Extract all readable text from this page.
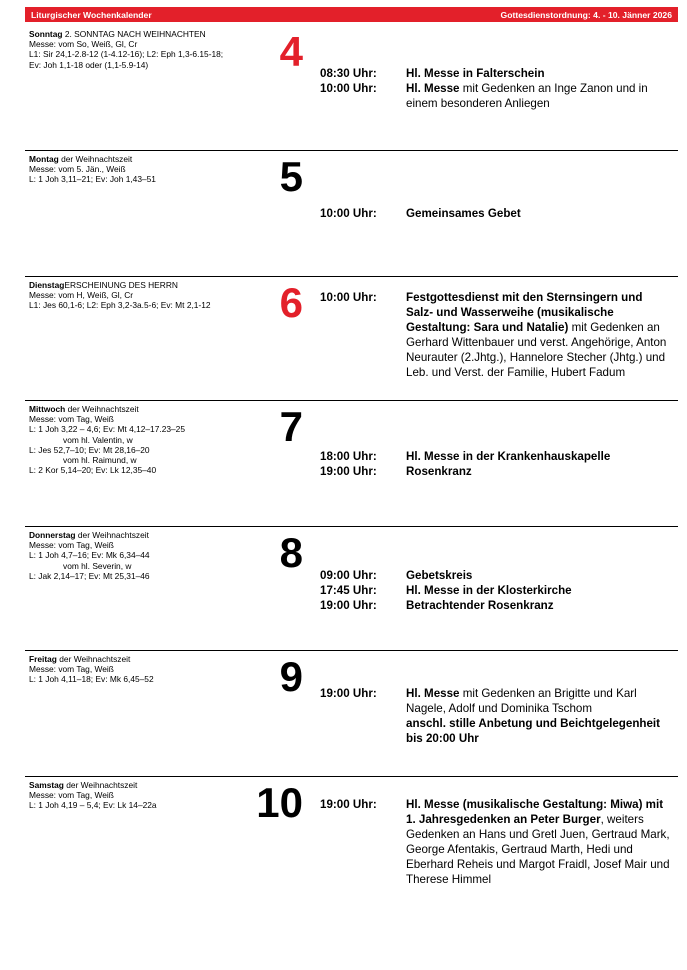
Liturgischer Wochenkalender	Gottesdienstordnung: 4. - 10. Jänner 2026
Sonntag 2. SONNTAG NACH WEIHNACHTEN
Messe: vom So, Weiß, Gl, Cr
L1: Sir 24,1-2.8-12 (1-4.12-16); L2: Eph 1,3-6.15-18;
Ev: Joh 1,1-18 oder (1,1-5.9-14)	4 08:30 Uhr:	Hl. Messe in Falterschein
10:00 Uhr:	Hl. Messe mit Gedenken an Inge Zanon und in einem besonderen Anliegen
Montag der Weihnachtszeit
Messe: vom 5. Jän., Weiß
L: 1 Joh 3,11–21; Ev: Joh 1,43–51	5
10:00 Uhr:	Gemeinsames Gebet
DienstagERSCHEINUNG DES HERRN
Messe: vom H, Weiß, Gl, Cr
L1: Jes 60,1-6; L2: Eph 3,2-3a.5-6; Ev: Mt 2,1-12	6 10:00 Uhr:	Festgottesdienst mit den Sternsingern und Salz- und Wasserweihe (musikalische Gestaltung: Sara und Natalie) mit Gedenken an Gerhard Wittenbauer und verst. Angehörige, Anton Neurauter (2.Jhtg.), Hannelore Stecher (Jhtg.) und Leb. und Verst. der Familie, Hubert Fadum
Mittwoch der Weihnachtszeit
Messe: vom Tag, Weiß
L: 1 Joh 3,22 – 4,6; Ev: Mt 4,12–17.23–25
vom hl. Valentin, w
L: Jes 52,7–10; Ev: Mt 28,16–20
vom hl. Raimund, w
L: 2 Kor 5,14–20; Ev: Lk 12,35–40
7
18:00 Uhr:	Hl. Messe in der Krankenhauskapelle
19:00 Uhr:	Rosenkranz
Donnerstag der Weihnachtszeit
Messe: vom Tag, Weiß
L: 1 Joh 4,7–16; Ev: Mk 6,34–44
vom hl. Severin, w
L: Jak 2,14–17; Ev: Mt 25,31–46	8 09:00 Uhr:	Gebetskreis
17:45 Uhr:	Hl. Messe in der Klosterkirche
19:00 Uhr:	Betrachtender Rosenkranz
Freitag der Weihnachtszeit
Messe: vom Tag, Weiß
L: 1 Joh 4,11–18; Ev: Mk 6,45–52	9 19:00 Uhr:	Hl. Messe mit Gedenken an Brigitte und Karl Nagele, Adolf und Dominika Tschom
anschl. stille Anbetung und Beichtgelegenheit bis 20:00 Uhr
Samstag der Weihnachtszeit
Messe: vom Tag, Weiß
L: 1 Joh 4,19 – 5,4; Ev: Lk 14–22a	10 19:00 Uhr:	Hl. Messe (musikalische Gestaltung: Miwa) mit 1. Jahresgedenken an Peter Burger, weiters Gedenken an Hans und Gretl Juen, Gertraud Mark, George Afentakis, Gertraud Marth, Hedi und Eberhard Reheis und Margot Fraidl, Josef Mair und Therese Himmel
